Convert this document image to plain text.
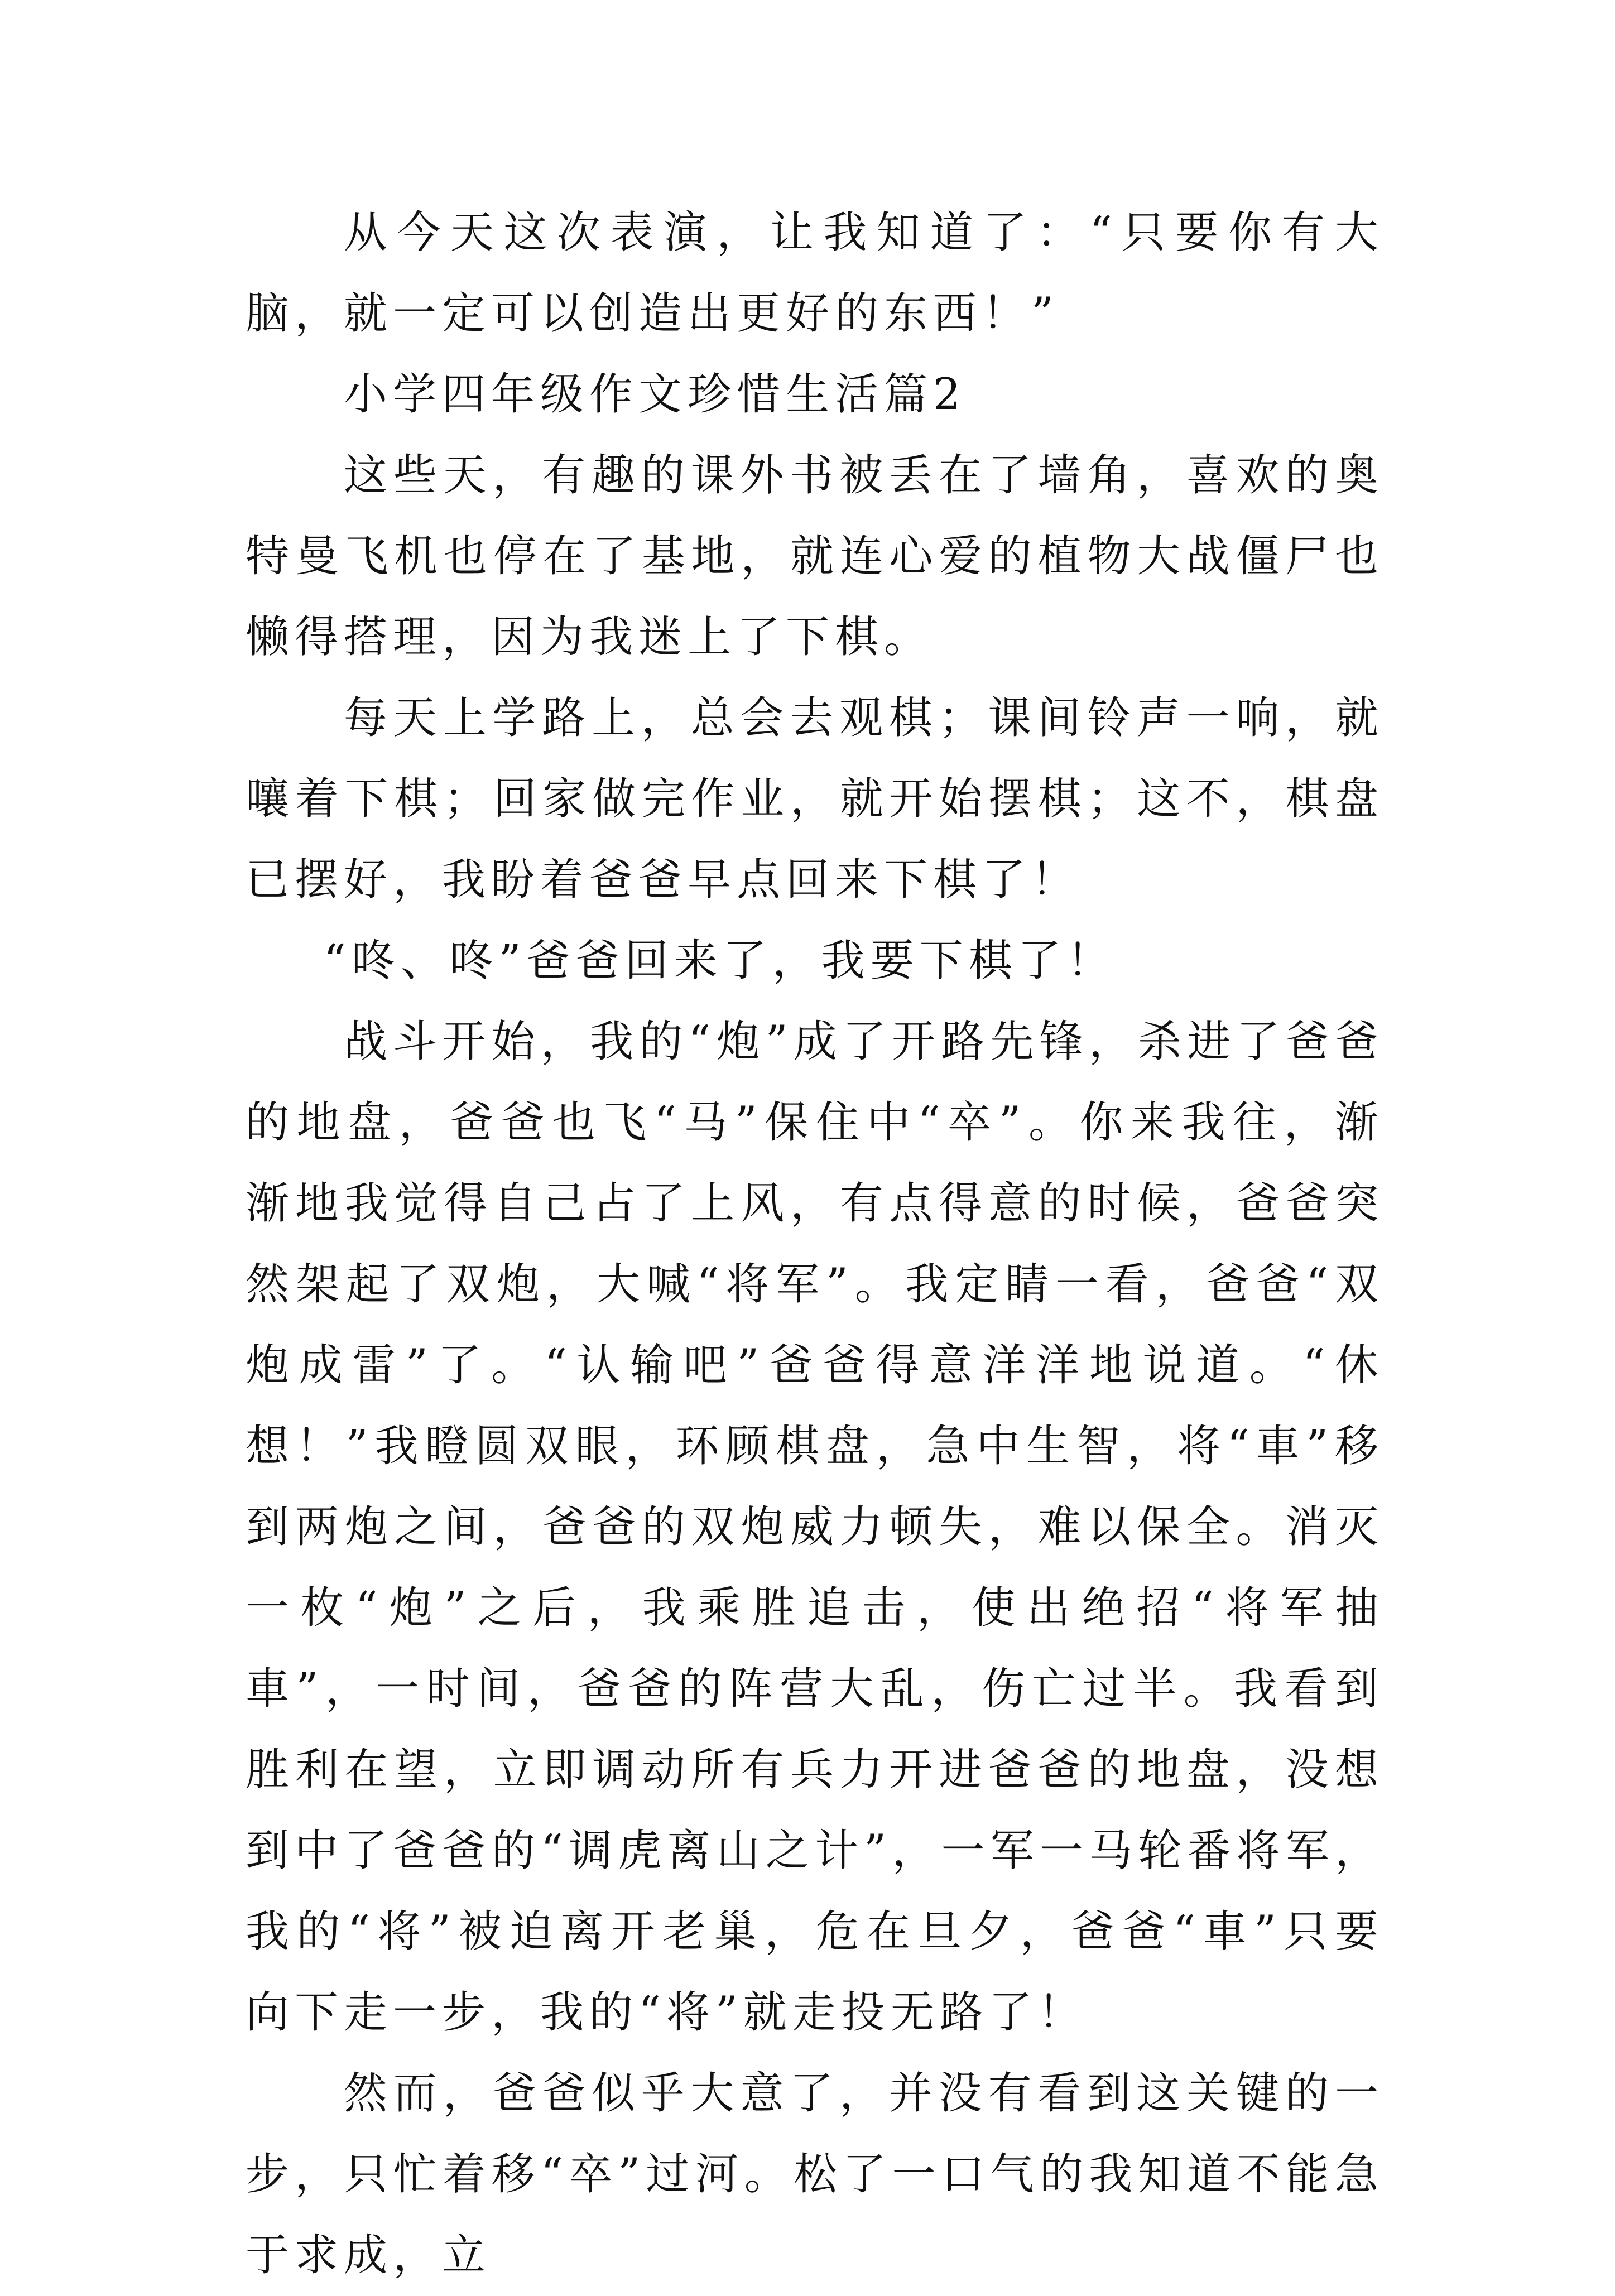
从今天这次表演，让我知道了：“只要你有大脑，就一定可以创造出更好的东西！”

小学四年级作文珍惜生活篇2

这些天，有趣的课外书被丢在了墙角，喜欢的奥特曼飞机也停在了基地，就连心爱的植物大战僵尸也懒得搭理，因为我迷上了下棋。

每天上学路上，总会去观棋；课间铃声一响，就嚷着下棋；回家做完作业，就开始摆棋；这不，棋盘已摆好，我盼着爸爸早点回来下棋了！

“咚、咚”爸爸回来了，我要下棋了！

战斗开始，我的“炮”成了开路先锋，杀进了爸爸的地盘，爸爸也飞“马”保住中“卒”。你来我往，渐渐地我觉得自己占了上风，有点得意的时候，爸爸突然架起了双炮，大喊“将军”。我定睛一看，爸爸“双炮成雷”了。“认输吧”爸爸得意洋洋地说道。“休想！”我瞪圆双眼，环顾棋盘，急中生智，将“車”移到两炮之间，爸爸的双炮威力顿失，难以保全。消灭一枚“炮”之后，我乘胜追击，使出绝招“将军抽車”，一时间，爸爸的阵营大乱，伤亡过半。我看到胜利在望，立即调动所有兵力开进爸爸的地盘，没想到中了爸爸的“调虎离山之计”，一军一马轮番将军，我的“将”被迫离开老巢，危在旦夕，爸爸“車”只要向下走一步，我的“将”就走投无路了！

然而，爸爸似乎大意了，并没有看到这关键的一步，只忙着移“卒”过河。松了一口气的我知道不能急于求成，立
